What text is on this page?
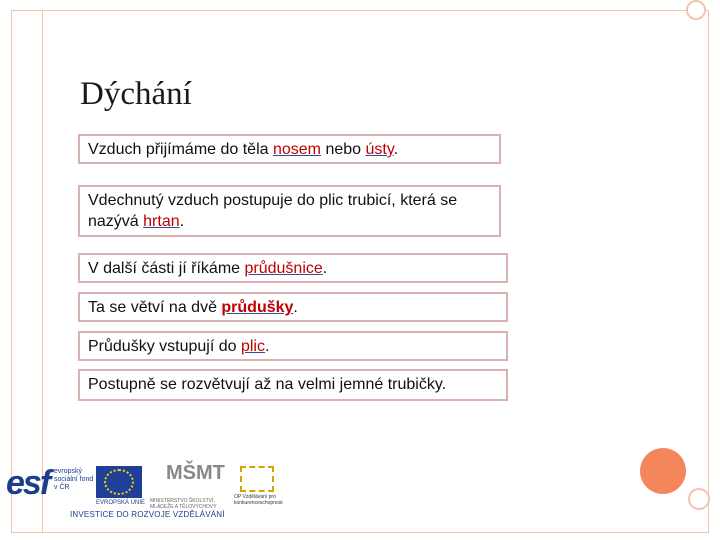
Dýchání
Vzduch přijímáme do těla nosem nebo ústy.
Vdechnutý vzduch postupuje do plic trubicí, která se nazývá hrtan.
V další části jí říkáme průdušnice.
Ta se větví na dvě průdušky.
Průdušky vstupují do plic.
Postupně se rozvětvují až na velmi jemné trubičky.
esf evropský sociální fond v ČR
EVROPSKÁ UNIE
MŠMT
MINISTERSTVO ŠKOLSTVÍ, MLÁDEŽE A TĚLOVÝCHOVY
OP Vzdělávání pro konkurenceschopnost
INVESTICE DO ROZVOJE VZDĚLÁVÁNÍ
